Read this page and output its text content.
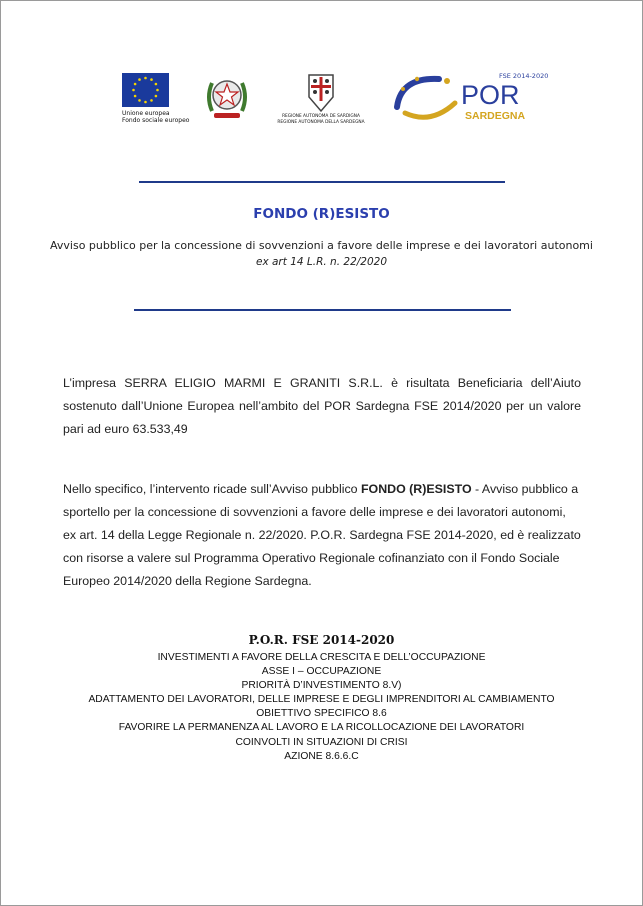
Unione europea
Fondo sociale europeo
REGIONE AUTONOMA DE SARDIGNA
REGIONE AUTONOMA DELLA SARDEGNA
FSE 2014-2020
POR
SARDEGNA
FONDO (R)ESISTO
Avviso pubblico per la concessione di sovvenzioni a favore delle imprese e dei lavoratori autonomi
ex art 14 L.R. n. 22/2020
L’impresa SERRA ELIGIO MARMI E GRANITI S.R.L. è risultata Beneficiaria dell’Aiuto sostenuto dall’Unione Europea nell’ambito del POR Sardegna FSE 2014/2020 per un valore pari ad euro 63.533,49
Nello specifico, l’intervento ricade sull’Avviso pubblico FONDO (R)ESISTO - Avviso pubblico a sportello per la concessione di sovvenzioni a favore delle imprese e dei lavoratori autonomi, ex art. 14 della Legge Regionale n. 22/2020. P.O.R. Sardegna FSE 2014-2020, ed è realizzato con risorse a valere sul Programma Operativo Regionale cofinanziato con il Fondo Sociale Europeo 2014/2020 della Regione Sardegna.
P.O.R. FSE 2014-2020
INVESTIMENTI A FAVORE DELLA CRESCITA E DELL’OCCUPAZIONE
ASSE I – OCCUPAZIONE
PRIORITÀ D’INVESTIMENTO 8.V)
ADATTAMENTO DEI LAVORATORI, DELLE IMPRESE E DEGLI IMPRENDITORI AL CAMBIAMENTO
OBIETTIVO SPECIFICO 8.6
FAVORIRE LA PERMANENZA AL LAVORO E LA RICOLLOCAZIONE DEI LAVORATORI
COINVOLTI IN SITUAZIONI DI CRISI
AZIONE 8.6.6.C
